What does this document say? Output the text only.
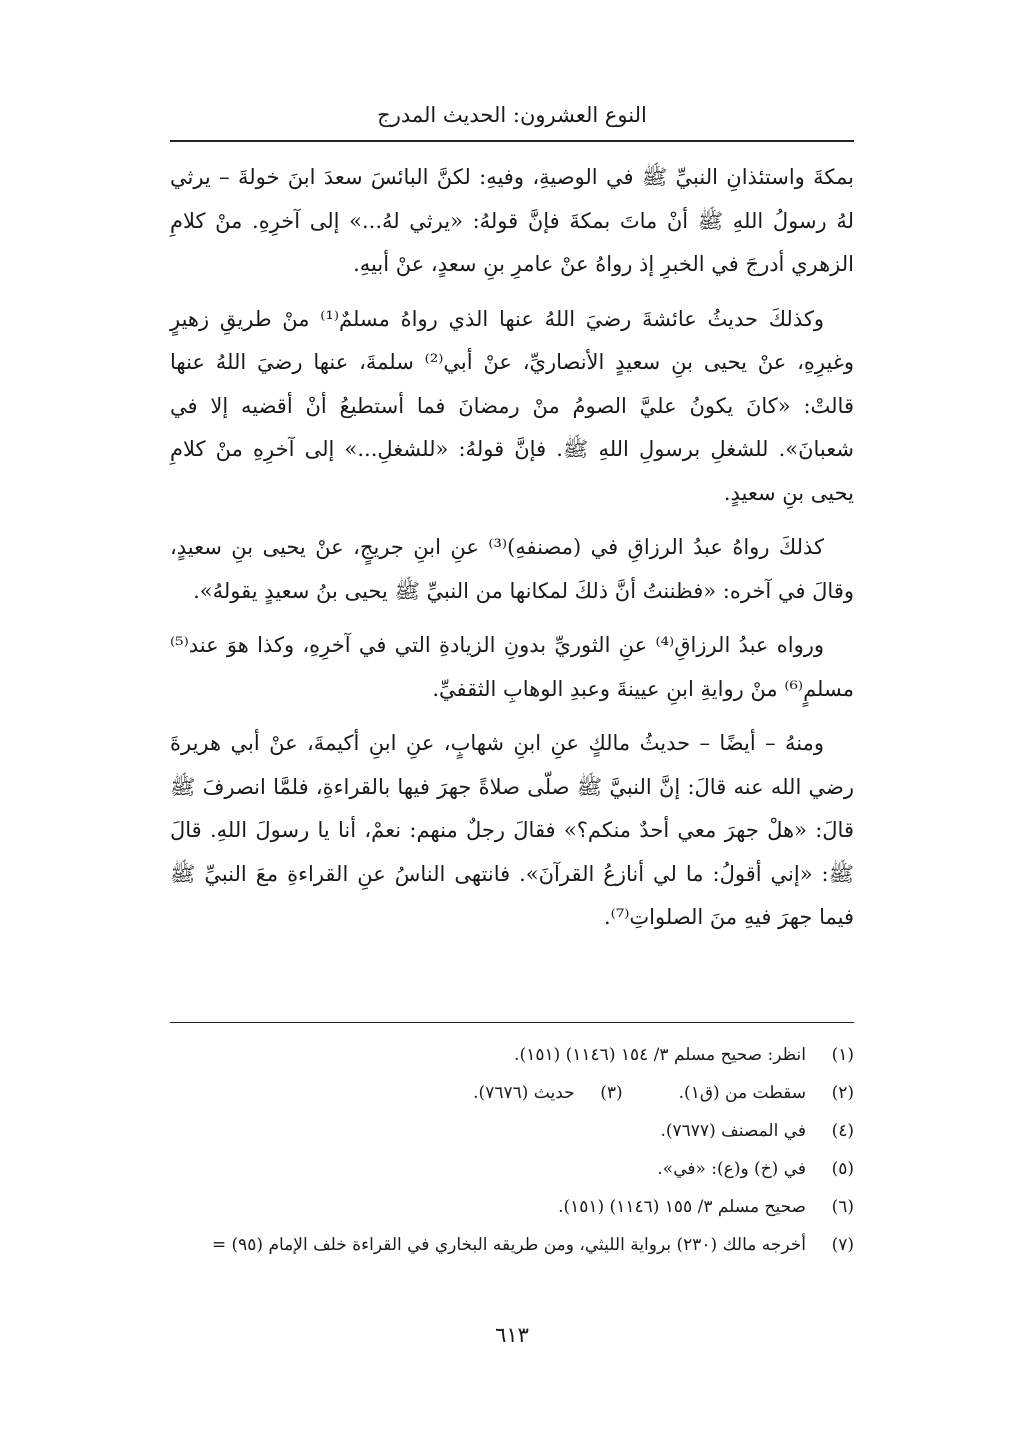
النوع العشرون: الحديث المدرج

بمكةَ واستئذانِ النبيِّ ﷺ في الوصيةِ، وفيهِ: لكنَّ البائسَ سعدَ ابنَ خولةَ – يرثي لهُ رسولُ اللهِ ﷺ أنْ ماتَ بمكةَ فإنَّ قولهُ: «يرثي لهُ...» إلى آخرِهِ. منْ كلامِ الزهري أدرجَ في الخبرِ إذ رواهُ عنْ عامرِ بنِ سعدٍ، عنْ أبيهِ.

وكذلكَ حديثُ عائشةَ رضيَ اللهُ عنها الذي رواهُ مسلمٌ⁽¹⁾ منْ طريقِ زهيرٍ وغيرِهِ، عنْ يحيى بنِ سعيدٍ الأنصاريِّ، عنْ أبي⁽²⁾ سلمةَ، عنها رضيَ اللهُ عنها قالتْ: «كانَ يكونُ عليَّ الصومُ منْ رمضانَ فما أستطيعُ أنْ أقضيه إلا في شعبانَ». للشغلِ برسولِ اللهِ ﷺ. فإنَّ قولهُ: «للشغلِ...» إلى آخرِهِ منْ كلامِ يحيى بنِ سعيدٍ.

كذلكَ رواهُ عبدُ الرزاقِ في (مصنفهِ)⁽³⁾ عنِ ابنِ جريجٍ، عنْ يحيى بنِ سعيدٍ، وقالَ في آخره: «فظننتُ أنَّ ذلكَ لمكانها من النبيِّ ﷺ يحيى بنُ سعيدٍ يقولهُ».

ورواه عبدُ الرزاقِ⁽⁴⁾ عنِ الثوريِّ بدونِ الزيادةِ التي في آخرِهِ، وكذا هوَ عند⁽⁵⁾ مسلمٍ⁽⁶⁾ منْ روايةِ ابنِ عيينةَ وعبدِ الوهابِ الثقفيِّ.

ومنهُ – أيضًا – حديثُ مالكٍ عنِ ابنِ شهابٍ، عنِ ابنِ أكيمةَ، عنْ أبي هريرةَ رضي الله عنه قالَ: إنَّ النبيَّ ﷺ صلّى صلاةً جهرَ فيها بالقراءةِ، فلمَّا انصرفَ ﷺ قالَ: «هلْ جهرَ معي أحدٌ منكم؟» فقالَ رجلٌ منهم: نعمْ، أنا يا رسولَ اللهِ. قالَ ﷺ: «إني أقولُ: ما لي أنازعُ القرآنَ». فانتهى الناسُ عنِ القراءةِ معَ النبيِّ ﷺ فيما جهرَ فيهِ منَ الصلواتِ⁽⁷⁾.

(١)
انظر: صحيح مسلم ٣/ ١٥٤ (١١٤٦) (١٥١).
(٢)
سقطت من (ق١).
(٣)
حديث (٧٦٧٦).
(٤)
في المصنف (٧٦٧٧).
(٥)
في (خ) و(ع): «في».
(٦)
صحيح مسلم ٣/ ١٥٥ (١١٤٦) (١٥١).
(٧)
أخرجه مالك (٢٣٠) برواية الليثي، ومن طريقه البخاري في القراءة خلف الإمام (٩٥) =
٦١٣
